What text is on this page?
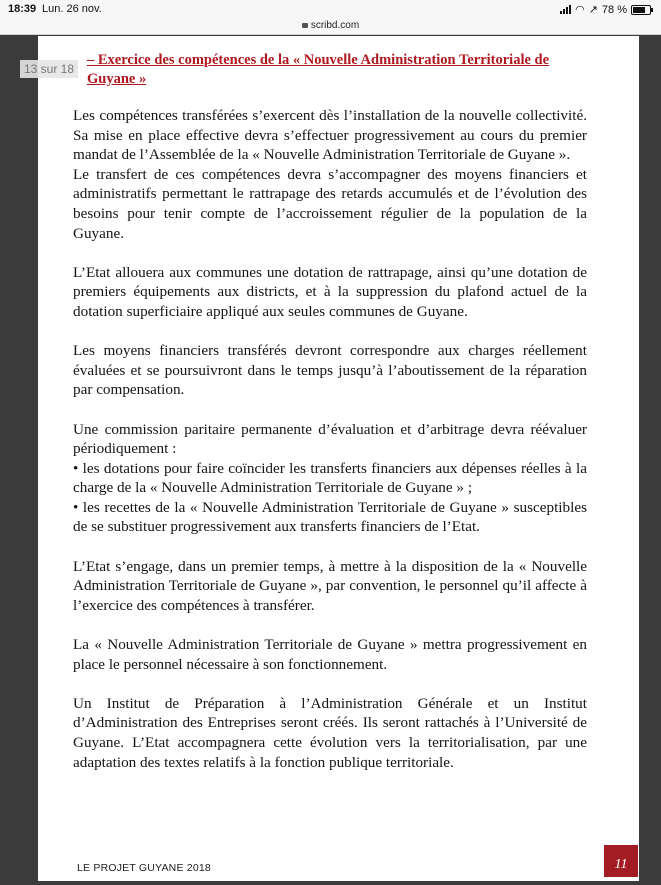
18:39 Lun. 26 nov.	◠ ↗ 78 %
scribd.com
13 sur 18
– Exercice des compétences de la « Nouvelle Administration Territoriale de Guyane »

Les compétences transférées s’exercent dès l’installation de la nouvelle collectivité. Sa mise en place effective devra s’effectuer progressivement au cours du premier mandat de l’Assemblée de la « Nouvelle Administration Territoriale de Guyane ».

Le transfert de ces compétences devra s’accompagner des moyens financiers et administratifs permettant le rattrapage des retards accumulés et de l’évolution des besoins pour tenir compte de l’accroissement régulier de la population de la Guyane.

L’Etat allouera aux communes une dotation de rattrapage, ainsi qu’une dotation de premiers équipements aux districts, et à la suppression du plafond actuel de la dotation superficiaire appliqué aux seules communes de Guyane.

Les moyens financiers transférés devront correspondre aux charges réellement évaluées et se poursuivront dans le temps jusqu’à l’aboutissement de la réparation par compensation.

Une commission paritaire permanente d’évaluation et d’arbitrage devra réévaluer périodiquement :

• les dotations pour faire coïncider les transferts financiers aux dépenses réelles à la charge de la « Nouvelle Administration Territoriale de Guyane » ;

• les recettes de la « Nouvelle Administration Territoriale de Guyane » susceptibles de se substituer progressivement aux transferts financiers de l’Etat.

L’Etat s’engage, dans un premier temps, à mettre à la disposition de la « Nouvelle Administration Territoriale de Guyane », par convention, le personnel qu’il affecte à l’exercice des compétences à transférer.

La « Nouvelle Administration Territoriale de Guyane » mettra progressivement en place le personnel nécessaire à son fonctionnement.

Un Institut de Préparation à l’Administration Générale et un Institut d’Administration des Entreprises seront créés. Ils seront rattachés à l’Université de Guyane. L’Etat accompagnera cette évolution vers la territorialisation, par une adaptation des textes relatifs à la fonction publique territoriale.

LE PROJET GUYANE 2018	11
